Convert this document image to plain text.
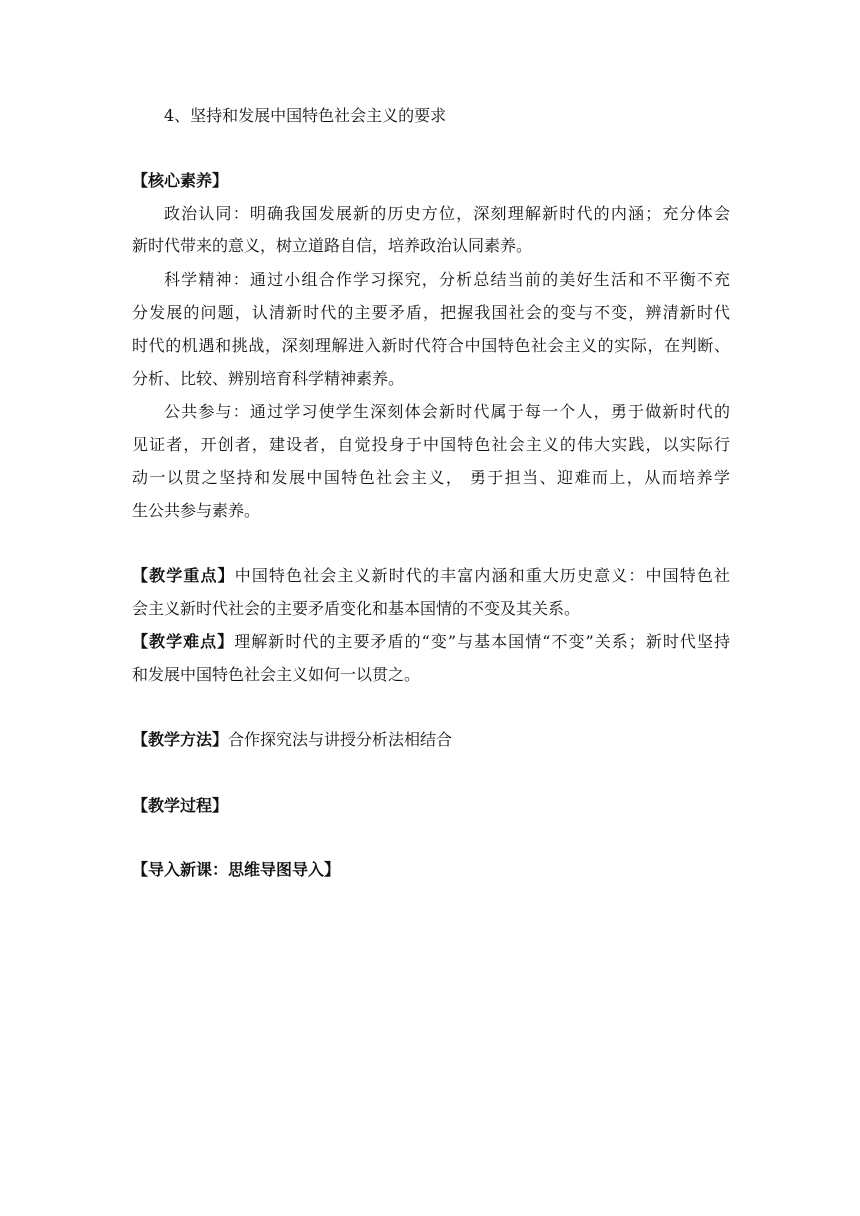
4、坚持和发展中国特色社会主义的要求
【核心素养】
政治认同：明确我国发展新的历史方位，深刻理解新时代的内涵；充分体会
新时代带来的意义，树立道路自信，培养政治认同素养。
科学精神：通过小组合作学习探究，分析总结当前的美好生活和不平衡不充
分发展的问题，认清新时代的主要矛盾，把握我国社会的变与不变，辨清新时代
时代的机遇和挑战，深刻理解进入新时代符合中国特色社会主义的实际，在判断、
分析、比较、辨别培育科学精神素养。
公共参与：通过学习使学生深刻体会新时代属于每一个人，勇于做新时代的
见证者，开创者，建设者，自觉投身于中国特色社会主义的伟大实践，以实际行
动一以贯之坚持和发展中国特色社会主义， 勇于担当、迎难而上，从而培养学
生公共参与素养。
【教学重点】中国特色社会主义新时代的丰富内涵和重大历史意义：中国特色社
会主义新时代社会的主要矛盾变化和基本国情的不变及其关系。
【教学难点】理解新时代的主要矛盾的“变”与基本国情“不变”关系；新时代坚持
和发展中国特色社会主义如何一以贯之。
【教学方法】合作探究法与讲授分析法相结合
【教学过程】
【导入新课：思维导图导入】
